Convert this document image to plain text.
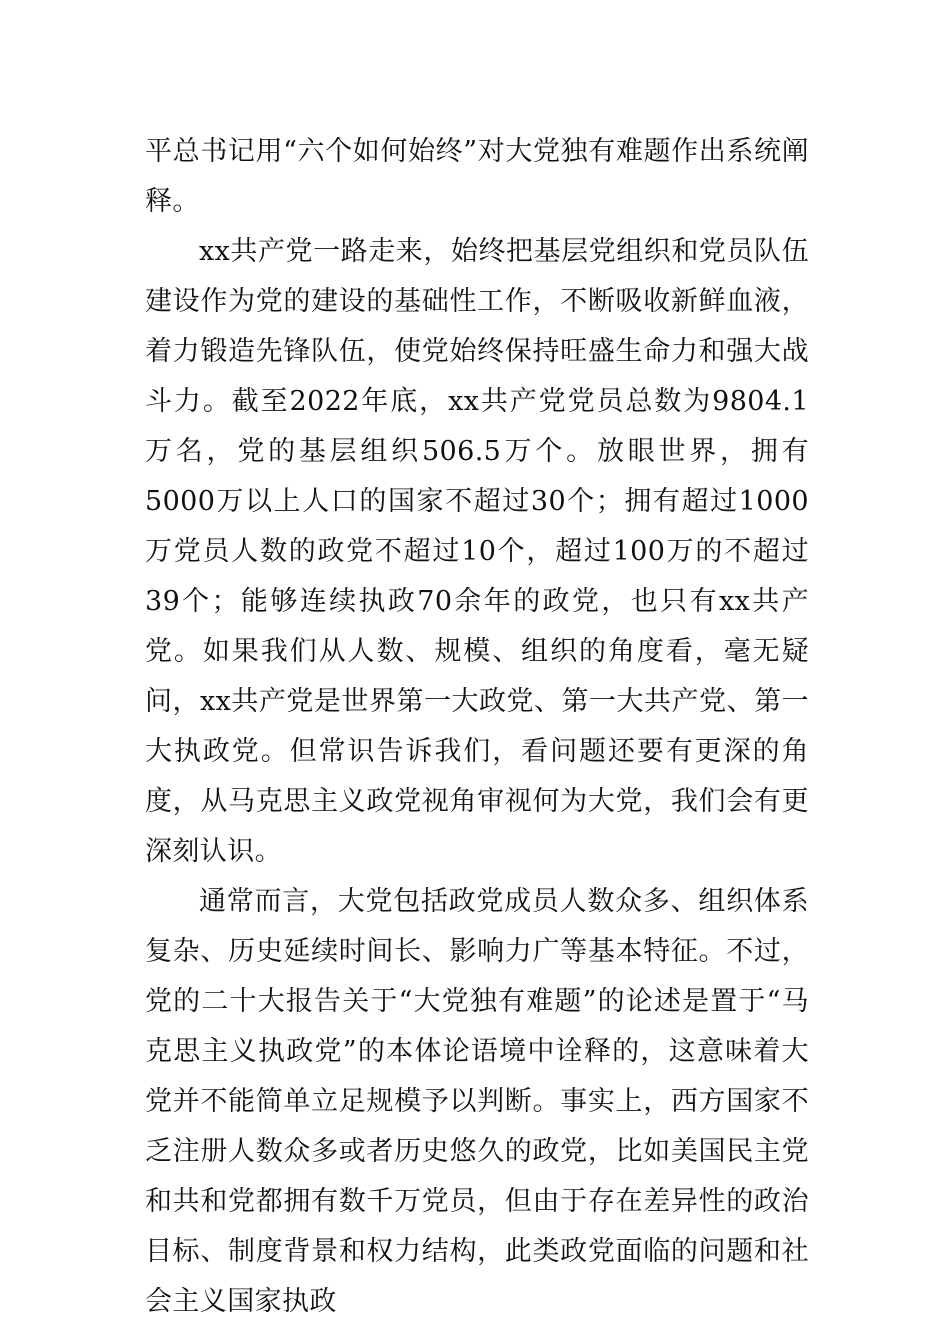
平总书记用“六个如何始终”对大党独有难题作出系统阐释。

xx共产党一路走来，始终把基层党组织和党员队伍建设作为党的建设的基础性工作，不断吸收新鲜血液，着力锻造先锋队伍，使党始终保持旺盛生命力和强大战斗力。截至2022年底，xx共产党党员总数为9804.1万名，党的基层组织506.5万个。放眼世界，拥有5000万以上人口的国家不超过30个；拥有超过1000万党员人数的政党不超过10个，超过100万的不超过39个；能够连续执政70余年的政党，也只有xx共产党。如果我们从人数、规模、组织的角度看，毫无疑问，xx共产党是世界第一大政党、第一大共产党、第一大执政党。但常识告诉我们，看问题还要有更深的角度，从马克思主义政党视角审视何为大党，我们会有更深刻认识。

通常而言，大党包括政党成员人数众多、组织体系复杂、历史延续时间长、影响力广等基本特征。不过，党的二十大报告关于“大党独有难题”的论述是置于“马克思主义执政党”的本体论语境中诠释的，这意味着大党并不能简单立足规模予以判断。事实上，西方国家不乏注册人数众多或者历史悠久的政党，比如美国民主党和共和党都拥有数千万党员，但由于存在差异性的政治目标、制度背景和权力结构，此类政党面临的问题和社会主义国家执政
